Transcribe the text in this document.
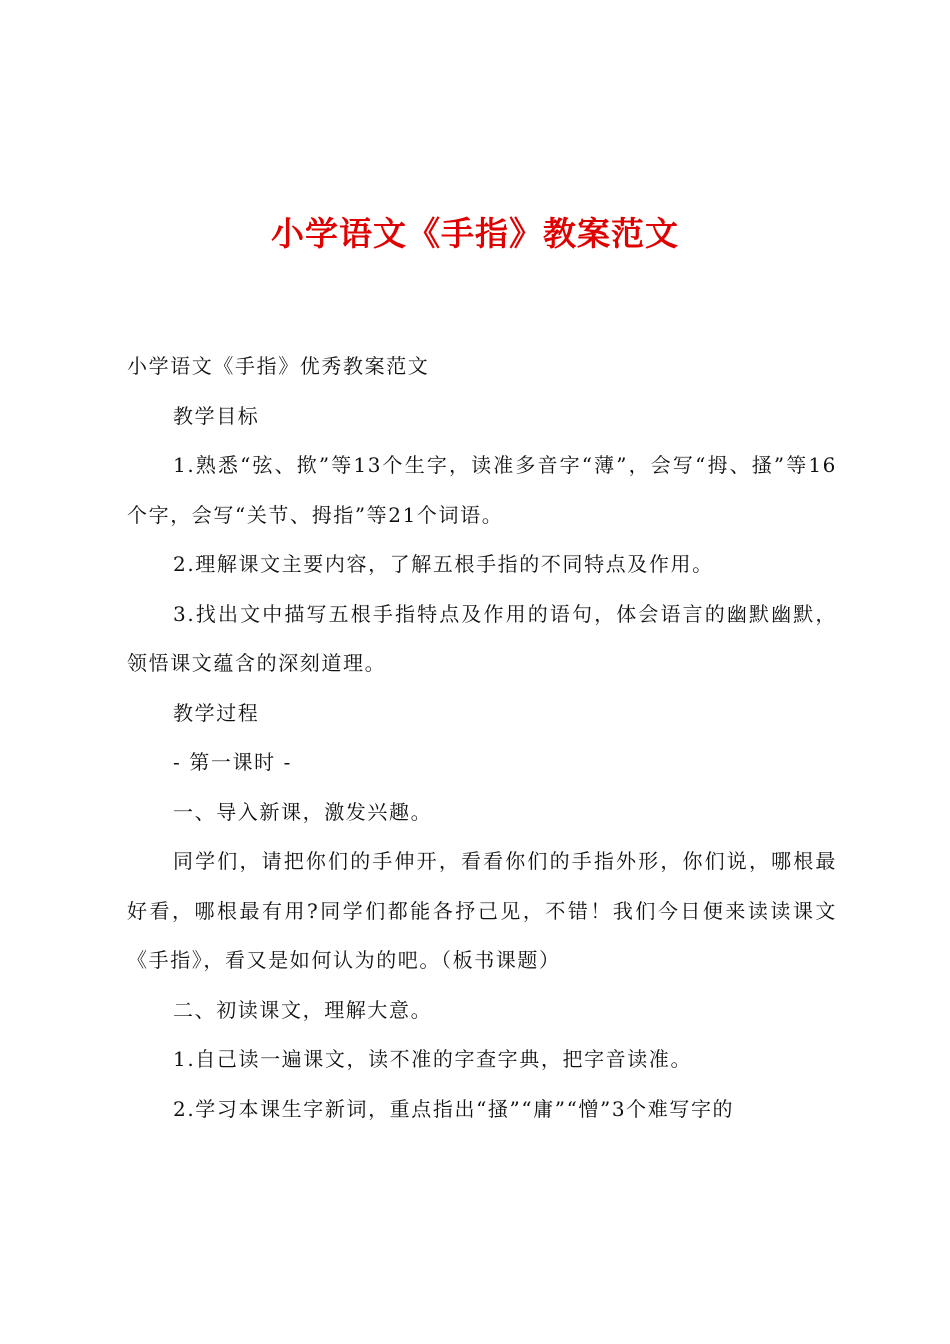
小学语文《手指》教案范文

小学语文《手指》优秀教案范文

教学目标

1.熟悉“弦、揿”等13个生字，读准多音字“薄”，会写“拇、搔”等16个字，会写“关节、拇指”等21个词语。

2.理解课文主要内容，了解五根手指的不同特点及作用。

3.找出文中描写五根手指特点及作用的语句，体会语言的幽默幽默，领悟课文蕴含的深刻道理。

教学过程

- 第一课时 -

一、导入新课，激发兴趣。

同学们，请把你们的手伸开，看看你们的手指外形，你们说，哪根最好看，哪根最有用?同学们都能各抒己见，不错！我们今日便来读读课文《手指》，看又是如何认为的吧。（板书课题）

二、初读课文，理解大意。

1.自己读一遍课文，读不准的字查字典，把字音读准。

2.学习本课生字新词，重点指出“搔”“庸”“憎”3个难写字的
